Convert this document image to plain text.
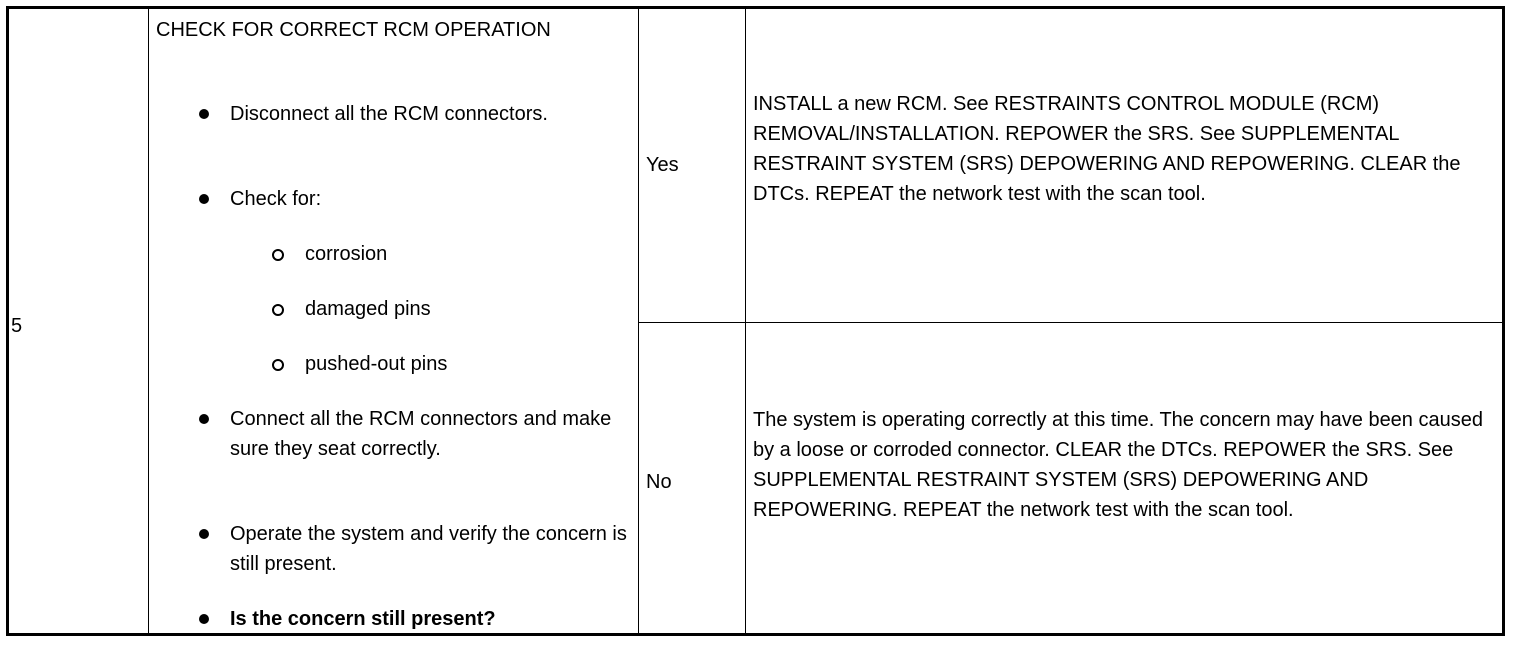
5
CHECK FOR CORRECT RCM OPERATION
Disconnect all the RCM connectors.
Check for:
corrosion
damaged pins
pushed-out pins
Connect all the RCM connectors and make sure they seat correctly.
Operate the system and verify the concern is still present.
Is the concern still present?
Yes
INSTALL a new RCM. See RESTRAINTS CONTROL MODULE (RCM) REMOVAL/INSTALLATION. REPOWER the SRS. See SUPPLEMENTAL RESTRAINT SYSTEM (SRS) DEPOWERING AND REPOWERING. CLEAR the DTCs. REPEAT the network test with the scan tool.
No
The system is operating correctly at this time. The concern may have been caused by a loose or corroded connector. CLEAR the DTCs. REPOWER the SRS. See SUPPLEMENTAL RESTRAINT SYSTEM (SRS) DEPOWERING AND REPOWERING. REPEAT the network test with the scan tool.
